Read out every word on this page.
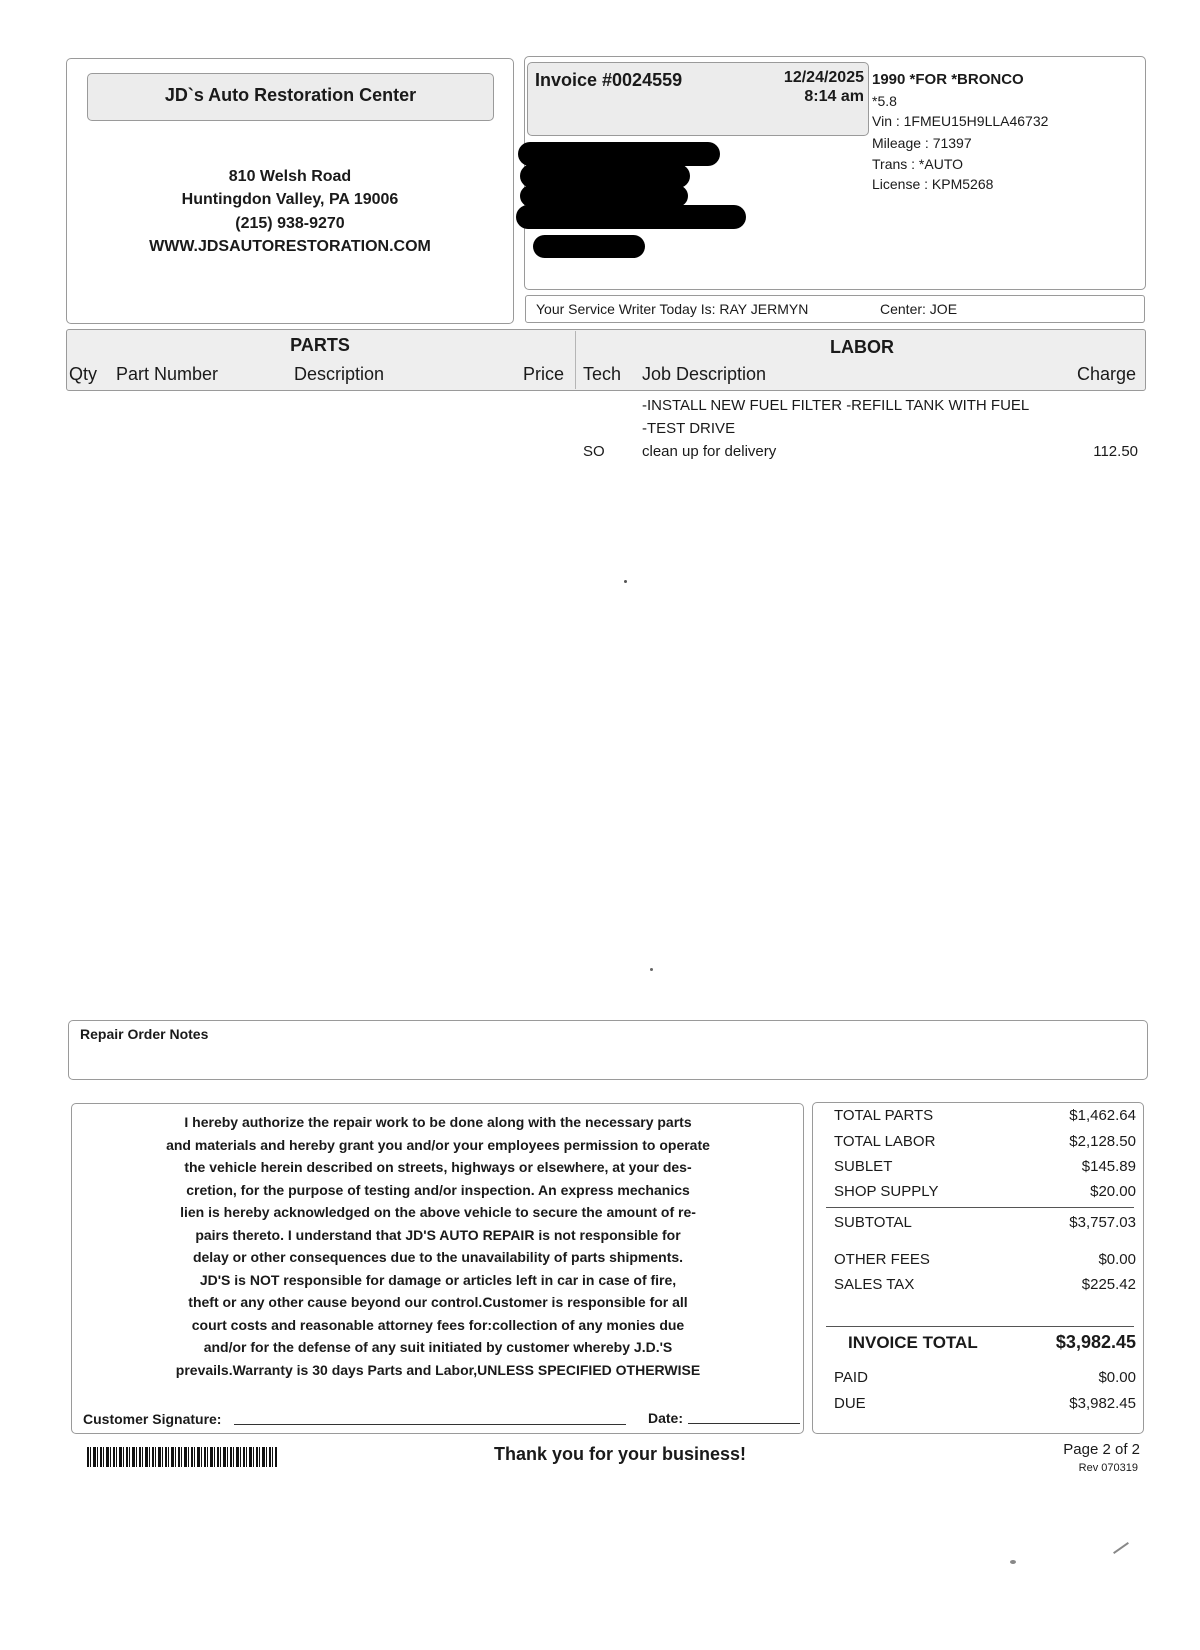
JD`s Auto Restoration Center
810 Welsh Road
Huntingdon Valley, PA 19006
(215) 938-9270
WWW.JDSAUTORESTORATION.COM
Invoice #0024559	12/24/2025
8:14 am
1990 *FOR *BRONCO
*5.8
Vin : 1FMEU15H9LLA46732
Mileage : 71397
Trans : *AUTO
License : KPM5268
Your Service Writer Today Is: RAY JERMYN	Center: JOE
PARTS
Qty Part Number	Description	Price
LABOR
Tech Job Description	Charge
-INSTALL NEW FUEL FILTER -REFILL TANK WITH FUEL
-TEST DRIVE
SO clean up for delivery	112.50
Repair Order Notes
I hereby authorize the repair work to be done along with the necessary parts
and materials and hereby grant you and/or your employees permission to operate
the vehicle herein described on streets, highways or elsewhere, at your des-
cretion, for the purpose of testing and/or inspection. An express mechanics
lien is hereby acknowledged on the above vehicle to secure the amount of re-
pairs thereto. I understand that JD'S AUTO REPAIR is not responsible for
delay or other consequences due to the unavailability of parts shipments.
JD'S is NOT responsible for damage or articles left in car in case of fire,
theft or any other cause beyond our control.Customer is responsible for all
court costs and reasonable attorney fees for:collection of any monies due
and/or for the defense of any suit initiated by customer whereby J.D.'S
prevails.Warranty is 30 days Parts and Labor,UNLESS SPECIFIED OTHERWISE
Customer Signature:	Date:
TOTAL PARTS	$1,462.64
TOTAL LABOR	$2,128.50
SUBLET	$145.89
SHOP SUPPLY	$20.00
SUBTOTAL	$3,757.03
OTHER FEES	$0.00
SALES TAX	$225.42
INVOICE TOTAL	$3,982.45
PAID	$0.00
DUE	$3,982.45
Thank you for your business!	Page 2 of 2
Rev 070319
